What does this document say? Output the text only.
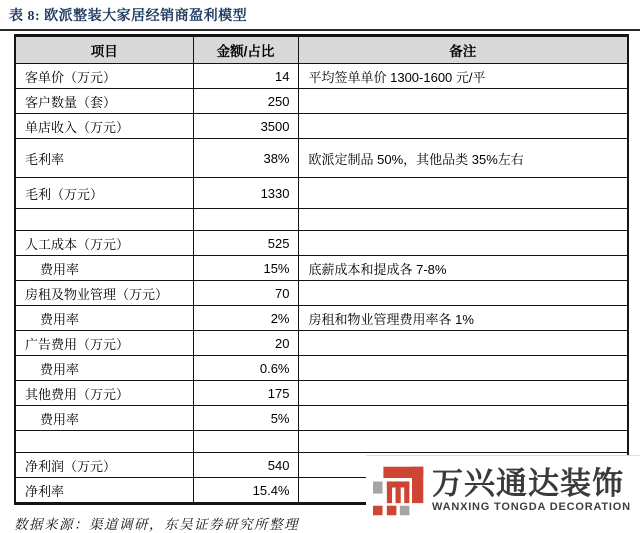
表 8: 欧派整装大家居经销商盈利模型
项目	金额/占比	备注
客单价（万元）	14	平均签单单价 1300-1600 元/平
客户数量（套）	250	
单店收入（万元）	3500	
毛利率	38%	欧派定制品 50%，其他品类 35%左右
毛利（万元）	1330	

人工成本（万元）	525	
费用率	15%	底薪成本和提成各 7-8%
房租及物业管理（万元）	70	
费用率	2%	房租和物业管理费用率各 1%
广告费用（万元）	20	
费用率	0.6%	
其他费用（万元）	175	
费用率	5%	

净利润（万元）	540	
净利率	15.4%	
数据来源：渠道调研，东吴证券研究所整理
万兴通达装饰
WANXING TONGDA DECORATION
